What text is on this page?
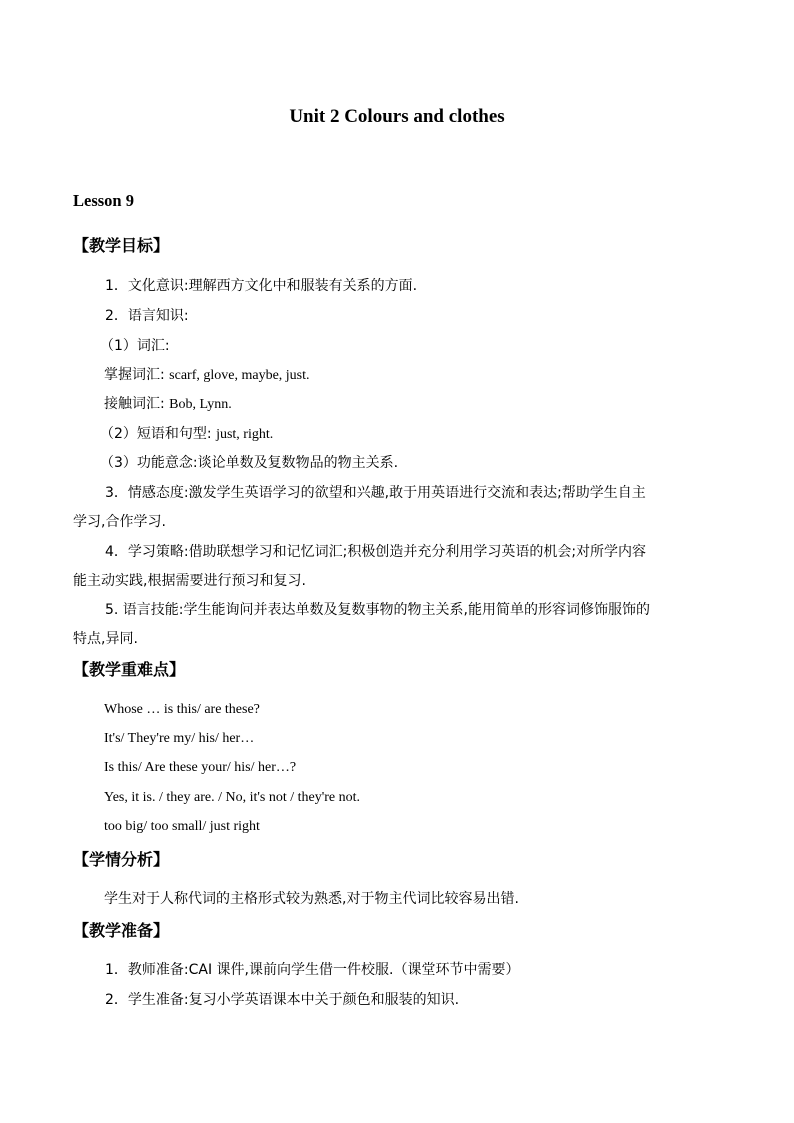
Unit 2 Colours and clothes
Lesson 9
【教学目标】
1．文化意识:理解西方文化中和服装有关系的方面.
2．语言知识:
（1）词汇:
掌握词汇: scarf, glove, maybe, just.
接触词汇: Bob, Lynn.
（2）短语和句型: just, right.
（3）功能意念:谈论单数及复数物品的物主关系.
3．情感态度:激发学生英语学习的欲望和兴趣,敢于用英语进行交流和表达;帮助学生自主
学习,合作学习.
4．学习策略:借助联想学习和记忆词汇;积极创造并充分利用学习英语的机会;对所学内容
能主动实践,根据需要进行预习和复习.
5. 语言技能:学生能询问并表达单数及复数事物的物主关系,能用简单的形容词修饰服饰的
特点,异同.
【教学重难点】
Whose … is this/ are these?
It's/ They're my/ his/ her…
Is this/ Are these your/ his/ her…?
Yes, it is. / they are. / No, it's not / they're not.
too big/ too small/ just right
【学情分析】
学生对于人称代词的主格形式较为熟悉,对于物主代词比较容易出错.
【教学准备】
1．教师准备:CAI 课件,课前向学生借一件校服.（课堂环节中需要）
2．学生准备:复习小学英语课本中关于颜色和服装的知识.
